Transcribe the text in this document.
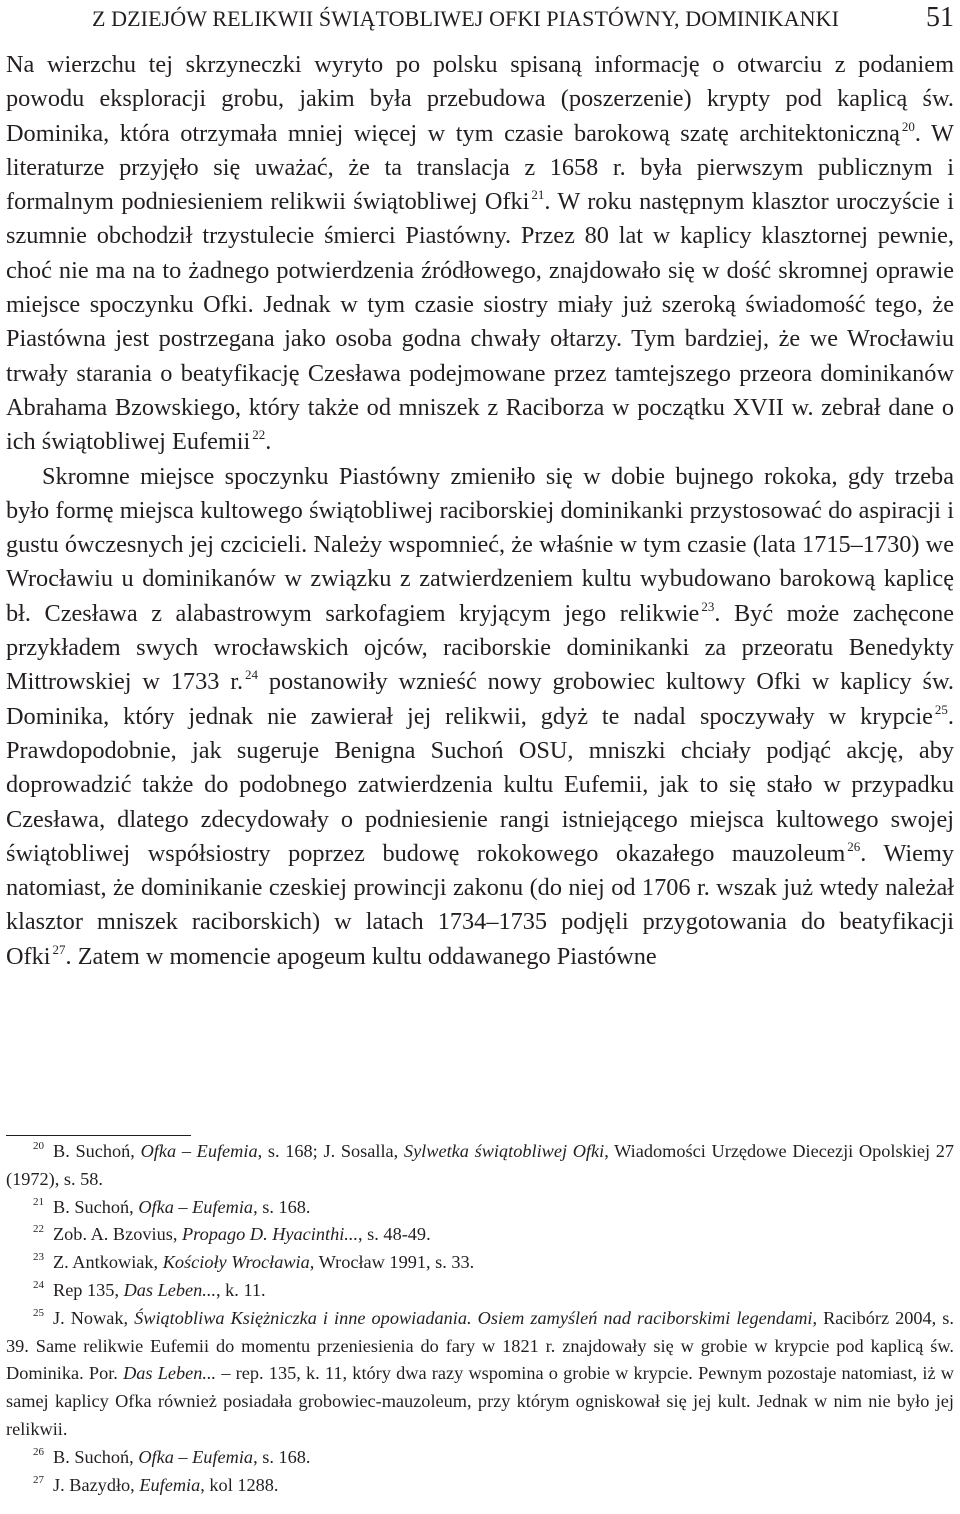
Z DZIEJÓW RELIKWII ŚWIĄTOBLIWEJ OFKI PIASTÓWNY, DOMINIKANKI	51

Na wierzchu tej skrzyneczki wyryto po polsku spisaną informację o otwarciu z podaniem powodu eksploracji grobu, jakim była przebudowa (poszerzenie) krypty pod kaplicą św. Dominika, która otrzymała mniej więcej w tym czasie barokową szatę architektoniczną $^{20}$. W literaturze przyjęło się uważać, że ta translacja z 1658 r. była pierwszym publicznym i formalnym podniesieniem relikwii świątobliwej Ofki $^{21}$. W roku następnym klasztor uroczyście i szumnie obchodził trzystulecie śmierci Piastówny. Przez 80 lat w kaplicy klasztornej pewnie, choć nie ma na to żadnego potwierdzenia źródłowego, znajdowało się w dość skromnej oprawie miejsce spoczynku Ofki. Jednak w tym czasie siostry miały już szeroką świadomość tego, że Piastówna jest postrzegana jako osoba godna chwały ołtarzy. Tym bardziej, że we Wrocławiu trwały starania o beatyfikację Czesława podejmowane przez tamtejszego przeora dominikanów Abrahama Bzowskiego, który także od mniszek z Raciborza w początku XVII w. zebrał dane o ich świątobliwej Eufemii $^{22}$.

Skromne miejsce spoczynku Piastówny zmieniło się w dobie bujnego rokoka, gdy trzeba było formę miejsca kultowego świątobliwej raciborskiej dominikanki przystosować do aspiracji i gustu ówczesnych jej czcicieli. Należy wspomnieć, że właśnie w tym czasie (lata 1715–1730) we Wrocławiu u dominikanów w związku z zatwierdzeniem kultu wybudowano barokową kaplicę bł. Czesława z alabastrowym sarkofagiem kryjącym jego relikwie $^{23}$. Być może zachęcone przykładem swych wrocławskich ojców, raciborskie dominikanki za przeoratu Benedykty Mittrowskiej w 1733 r. $^{24}$ postanowiły wznieść nowy grobowiec kultowy Ofki w kaplicy św. Dominika, który jednak nie zawierał jej relikwii, gdyż te nadal spoczywały w krypcie $^{25}$. Prawdopodobnie, jak sugeruje Benigna Suchoń OSU, mniszki chciały podjąć akcję, aby doprowadzić także do podobnego zatwierdzenia kultu Eufemii, jak to się stało w przypadku Czesława, dlatego zdecydowały o podniesienie rangi istniejącego miejsca kultowego swojej świątobliwej współsiostry poprzez budowę rokokowego okazałego mauzoleum $^{26}$. Wiemy natomiast, że dominikanie czeskiej prowincji zakonu (do niej od 1706 r. wszak już wtedy należał klasztor mniszek raciborskich) w latach 1734–1735 podjęli przygotowania do beatyfikacji Ofki $^{27}$. Zatem w momencie apogeum kultu oddawanego Piastówne

$^{20}$ B. Suchoń, Ofka – Eufemia, s. 168; J. Sosalla, Sylwetka świątobliwej Ofki, Wiadomości Urzędowe Diecezji Opolskiej 27 (1972), s. 58.

$^{21}$ B. Suchoń, Ofka – Eufemia, s. 168.

$^{22}$ Zob. A. Bzovius, Propago D. Hyacinthi..., s. 48-49.

$^{23}$ Z. Antkowiak, Kościoły Wrocławia, Wrocław 1991, s. 33.

$^{24}$ Rep 135, Das Leben..., k. 11.

$^{25}$ J. Nowak, Świątobliwa Księżniczka i inne opowiadania. Osiem zamyśleń nad raciborskimi legendami, Racibórz 2004, s. 39. Same relikwie Eufemii do momentu przeniesienia do fary w 1821 r. znajdowały się w grobie w krypcie pod kaplicą św. Dominika. Por. Das Leben... – rep. 135, k. 11, który dwa razy wspomina o grobie w krypcie. Pewnym pozostaje natomiast, iż w samej kaplicy Ofka również posiadała grobowiec-mauzoleum, przy którym ogniskował się jej kult. Jednak w nim nie było jej relikwii.

$^{26}$ B. Suchoń, Ofka – Eufemia, s. 168.

$^{27}$ J. Bazydło, Eufemia, kol 1288.
